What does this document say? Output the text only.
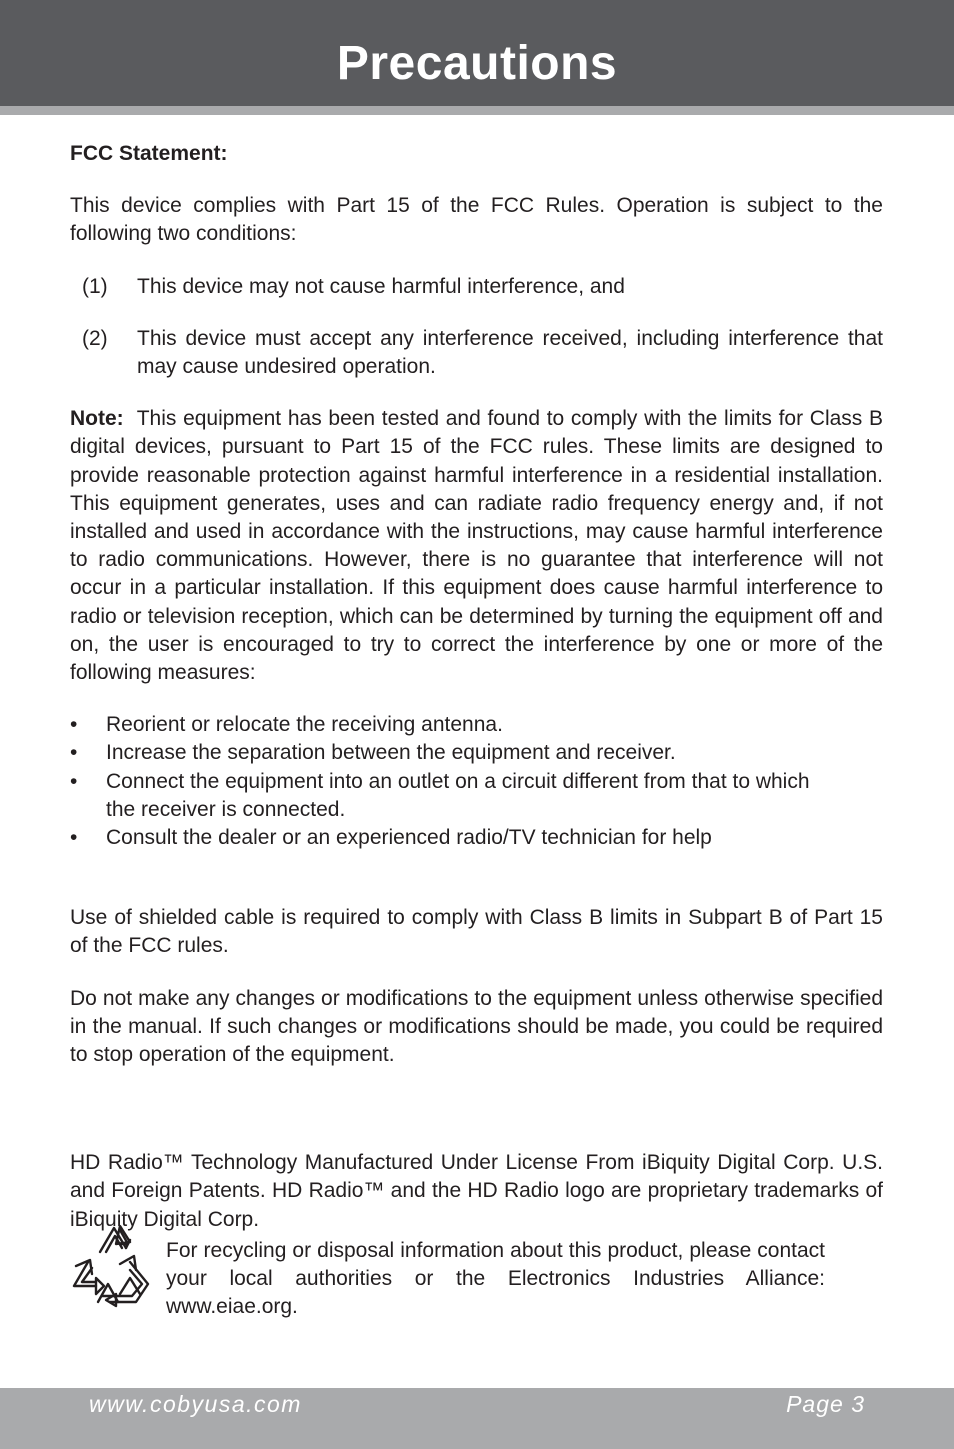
Precautions

FCC Statement:

This device complies with Part 15 of the FCC Rules. Operation is subject to the following two conditions:

(1)	This device may not cause harmful interference, and
(2)	This device must accept any interference received, including interference that may cause undesired operation.

Note: This equipment has been tested and found to comply with the limits for Class B digital devices, pursuant to Part 15 of the FCC rules. These limits are designed to provide reasonable protection against harmful interference in a residential installation. This equipment generates, uses and can radiate radio frequency energy and, if not installed and used in accordance with the instructions, may cause harmful interference to radio communications. However, there is no guarantee that interference will not occur in a particular installation. If this equipment does cause harmful interference to radio or television reception, which can be determined by turning the equipment off and on, the user is encouraged to try to correct the interference by one or more of the following measures:

•	Reorient or relocate the receiving antenna.
•	Increase the separation between the equipment and receiver.
•	Connect the equipment into an outlet on a circuit different from that to which the receiver is connected.
•	Consult the dealer or an experienced radio/TV technician for help

Use of shielded cable is required to comply with Class B limits in Subpart B of Part 15 of the FCC rules.

Do not make any changes or modifications to the equipment unless otherwise specified in the manual. If such changes or modifications should be made, you could be required to stop operation of the equipment.

HD Radio™ Technology Manufactured Under License From iBiquity Digital Corp. U.S. and Foreign Patents. HD Radio™ and the HD Radio logo are proprietary trademarks of iBiquity Digital Corp.

For recycling or disposal information about this product, please contact your local authorities or the Electronics Industries Alliance: www.eiae.org.
www.cobyusa.com	Page 3
